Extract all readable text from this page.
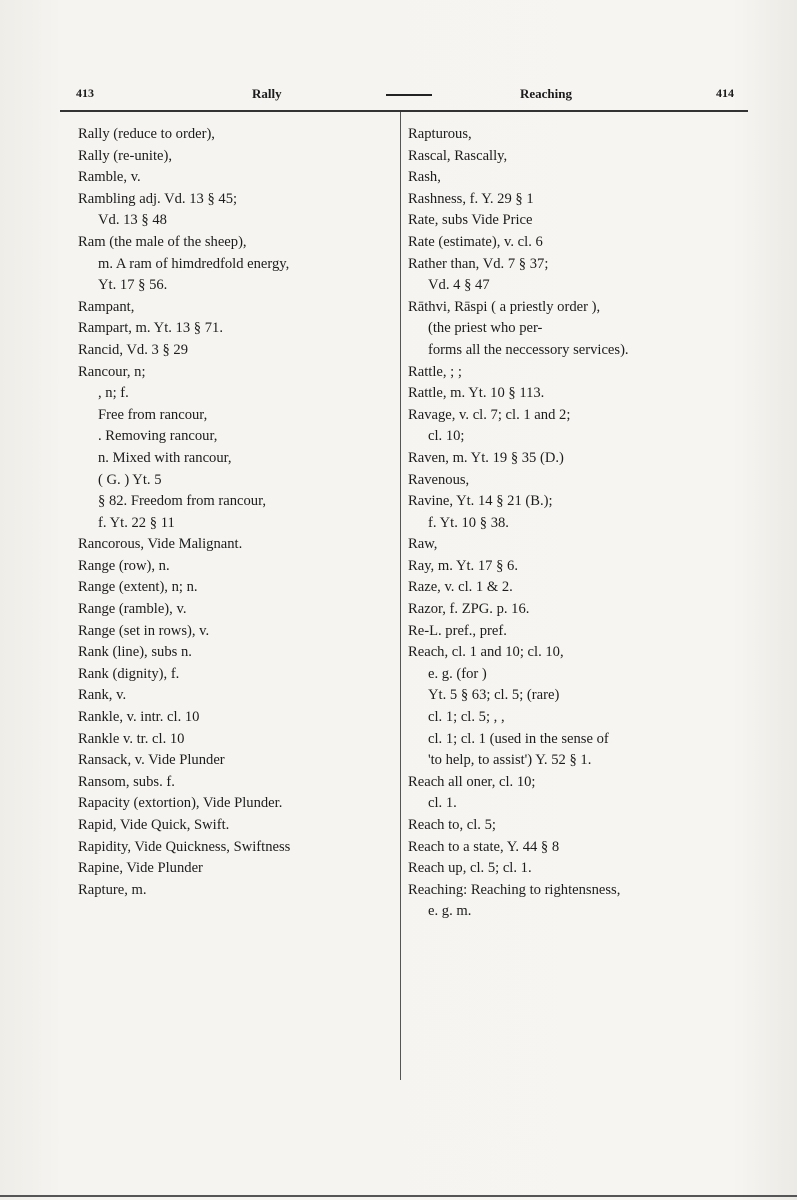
413	Rally	Reaching	414
Rally (reduce to order),
Rally (re-unite),
Ramble, v.
Rambling adj. Vd. 13 § 45;
Vd. 13 § 48
Ram (the male of the sheep),
m. A ram of himdredfold energy,
Yt. 17 § 56.
Rampant,
Rampart, m. Yt. 13 § 71.
Rancid, Vd. 3 § 29
Rancour, n;
, n; f.
Free from rancour,
. Removing rancour,
n. Mixed with rancour,
( G. ) Yt. 5
§ 82. Freedom from rancour,
f. Yt. 22 § 11
Rancorous, Vide Malignant.
Range (row), n.
Range (extent), n; n.
Range (ramble), v.
Range (set in rows), v.
Rank (line), subs n.
Rank (dignity), f.
Rank, v.
Rankle, v. intr. cl. 10
Rankle v. tr. cl. 10
Ransack, v. Vide Plunder
Ransom, subs. f.
Rapacity (extortion), Vide Plunder.
Rapid, Vide Quick, Swift.
Rapidity, Vide Quickness, Swiftness
Rapine, Vide Plunder
Rapture, m.
Rapturous,
Rascal, Rascally,
Rash,
Rashness, f. Y. 29 § 1
Rate, subs Vide Price
Rate (estimate), v. cl. 6
Rather than, Vd. 7 § 37;
Vd. 4 § 47
Rāthvi, Rāspi ( a priestly order ),
(the priest who per-
forms all the neccessory services).
Rattle, ; ;
Rattle, m. Yt. 10 § 113.
Ravage, v. cl. 7; cl. 1 and 2;
cl. 10;
Raven, m. Yt. 19 § 35 (D.)
Ravenous,
Ravine, Yt. 14 § 21 (B.);
f. Yt. 10 § 38.
Raw,
Ray, m. Yt. 17 § 6.
Raze, v. cl. 1 & 2.
Razor, f. ZPG. p. 16.
Re-L. pref., pref.
Reach, cl. 1 and 10; cl. 10,
e. g. (for )
Yt. 5 § 63; cl. 5; (rare)
cl. 1; cl. 5; , ,
cl. 1; cl. 1 (used in the sense of
'to help, to assist') Y. 52 § 1.
Reach all oner, cl. 10;
cl. 1.
Reach to, cl. 5;
Reach to a state, Y. 44 § 8
Reach up, cl. 5; cl. 1.
Reaching: Reaching to rightensness,
e. g. m.
